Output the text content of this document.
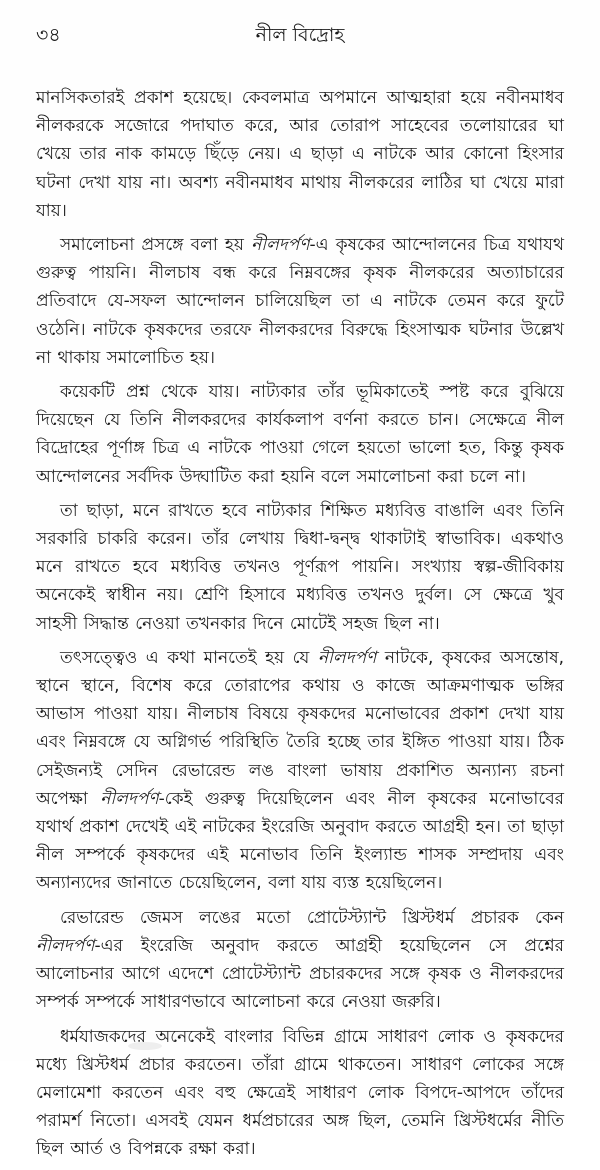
৩৪	নীল বিদ্রোহ

মানসিকতারই প্রকাশ হয়েছে। কেবলমাত্র অপমানে আত্মহারা হয়ে নবীনমাধব নীলকরকে সজোরে পদাঘাত করে, আর তোরাপ সাহেবের তলোয়ারের ঘা খেয়ে তার নাক কামড়ে ছিঁড়ে নেয়। এ ছাড়া এ নাটকে আর কোনো হিংসার ঘটনা দেখা যায় না। অবশ্য নবীনমাধব মাথায় নীলকরের লাঠির ঘা খেয়ে মারা যায়।

সমালোচনা প্রসঙ্গে বলা হয় নীলদর্পণ-এ কৃষকের আন্দোলনের চিত্র যথাযথ গুরুত্ব পায়নি। নীলচাষ বন্ধ করে নিম্নবঙ্গের কৃষক নীলকরের অত্যাচারের প্রতিবাদে যে-সফল আন্দোলন চালিয়েছিল তা এ নাটকে তেমন করে ফুটে ওঠেনি। নাটকে কৃষকদের তরফে নীলকরদের বিরুদ্ধে হিংসাত্মক ঘটনার উল্লেখ না থাকায় সমালোচিত হয়।

কয়েকটি প্রশ্ন থেকে যায়। নাট্যকার তাঁর ভূমিকাতেই স্পষ্ট করে বুঝিয়ে দিয়েছেন যে তিনি নীলকরদের কার্যকলাপ বর্ণনা করতে চান। সেক্ষেত্রে নীল বিদ্রোহের পূর্ণাঙ্গ চিত্র এ নাটকে পাওয়া গেলে হয়তো ভালো হত, কিন্তু কৃষক আন্দোলনের সর্বদিক উদ্ঘাটিত করা হয়নি বলে সমালোচনা করা চলে না।

তা ছাড়া, মনে রাখতে হবে নাট্যকার শিক্ষিত মধ্যবিত্ত বাঙালি এবং তিনি সরকারি চাকরি করেন। তাঁর লেখায় দ্বিধা-দ্বন্দ্ব থাকাটাই স্বাভাবিক। একথাও মনে রাখতে হবে মধ্যবিত্ত তখনও পূর্ণরূপ পায়নি। সংখ্যায় স্বল্প-জীবিকায় অনেকেই স্বাধীন নয়। শ্রেণি হিসাবে মধ্যবিত্ত তখনও দুর্বল। সে ক্ষেত্রে খুব সাহসী সিদ্ধান্ত নেওয়া তখনকার দিনে মোটেই সহজ ছিল না।

তৎসত্ত্বেও এ কথা মানতেই হয় যে নীলদর্পণ নাটকে, কৃষকের অসন্তোষ, স্থানে স্থানে, বিশেষ করে তোরাপের কথায় ও কাজে আক্রমণাত্মক ভঙ্গির আভাস পাওয়া যায়। নীলচাষ বিষয়ে কৃষকদের মনোভাবের প্রকাশ দেখা যায় এবং নিম্নবঙ্গে যে অগ্নিগর্ভ পরিস্থিতি তৈরি হচ্ছে তার ইঙ্গিত পাওয়া যায়। ঠিক সেইজন্যই সেদিন রেভারেন্ড লঙ বাংলা ভাষায় প্রকাশিত অন্যান্য রচনা অপেক্ষা নীলদর্পণ-কেই গুরুত্ব দিয়েছিলেন এবং নীল কৃষকের মনোভাবের যথার্থ প্রকাশ দেখেই এই নাটকের ইংরেজি অনুবাদ করতে আগ্রহী হন। তা ছাড়া নীল সম্পর্কে কৃষকদের এই মনোভাব তিনি ইংল্যান্ড শাসক সম্প্রদায় এবং অন্যান্যদের জানাতে চেয়েছিলেন, বলা যায় ব্যস্ত হয়েছিলেন।

রেভারেন্ড জেমস লঙের মতো প্রোটেস্ট্যান্ট খ্রিস্টধর্ম প্রচারক কেন নীলদর্পণ-এর ইংরেজি অনুবাদ করতে আগ্রহী হয়েছিলেন সে প্রশ্নের আলোচনার আগে এদেশে প্রোটেস্ট্যান্ট প্রচারকদের সঙ্গে কৃষক ও নীলকরদের সম্পর্ক সম্পর্কে সাধারণভাবে আলোচনা করে নেওয়া জরুরি।

ধর্মযাজকদের অনেকেই বাংলার বিভিন্ন গ্রামে সাধারণ লোক ও কৃষকদের মধ্যে খ্রিস্টধর্ম প্রচার করতেন। তাঁরা গ্রামে থাকতেন। সাধারণ লোকের সঙ্গে মেলামেশা করতেন এবং বহু ক্ষেত্রেই সাধারণ লোক বিপদে-আপদে তাঁদের পরামর্শ নিতো। এসবই যেমন ধর্মপ্রচারের অঙ্গ ছিল, তেমনি খ্রিস্টধর্মের নীতি ছিল আর্ত ও বিপন্নকে রক্ষা করা।
